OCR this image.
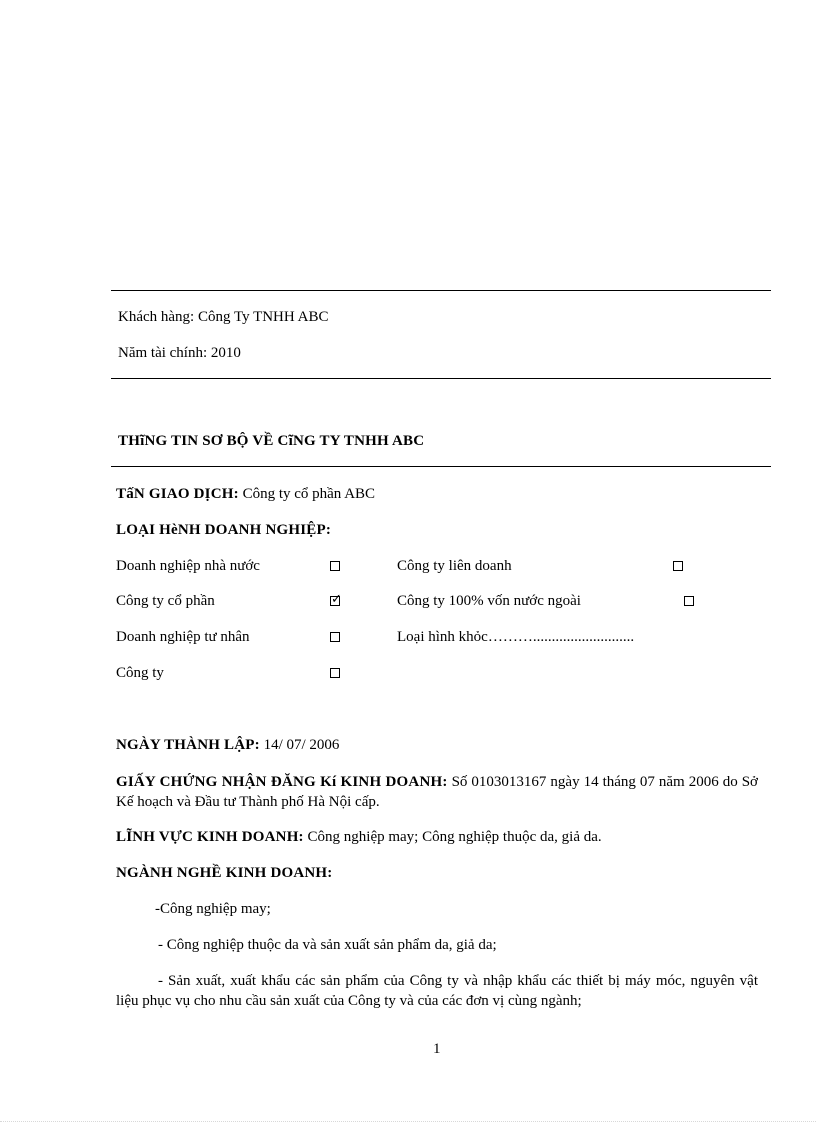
Khách hàng: Công Ty TNHH ABC
Năm tài chính: 2010
THĩNG TIN SƠ BỘ VỀ CĩNG TY TNHH ABC
TấN GIAO DỊCH: Công ty cổ phần ABC
LOẠI HèNH DOANH NGHIỆP:
Doanh nghiệp nhà nước
Công ty cổ phần	✓
Doanh nghiệp tư nhân
Công ty
Công ty liên doanh
Công ty 100% vốn nước ngoài
Loại hình khỏc………...........................
NGÀY THÀNH LẬP: 14/ 07/ 2006
GIẤY CHỨNG NHẬN ĐĂNG Kí KINH DOANH: Số 0103013167 ngày 14 tháng 07 năm 2006 do Sở Kế hoạch và Đầu tư Thành phố Hà Nội cấp.
LĨNH VỰC KINH DOANH: Công nghiệp may; Công nghiệp thuộc da, giả da.
NGÀNH NGHỀ KINH DOANH:
-Công nghiệp may;
- Công nghiệp thuộc da và sản xuất sản phẩm da, giả da;
- Sản xuất, xuất khẩu các sản phẩm của Công ty và nhập khẩu các thiết bị máy móc, nguyên vật liệu phục vụ cho nhu cầu sản xuất của Công ty và của các đơn vị cùng ngành;
1
